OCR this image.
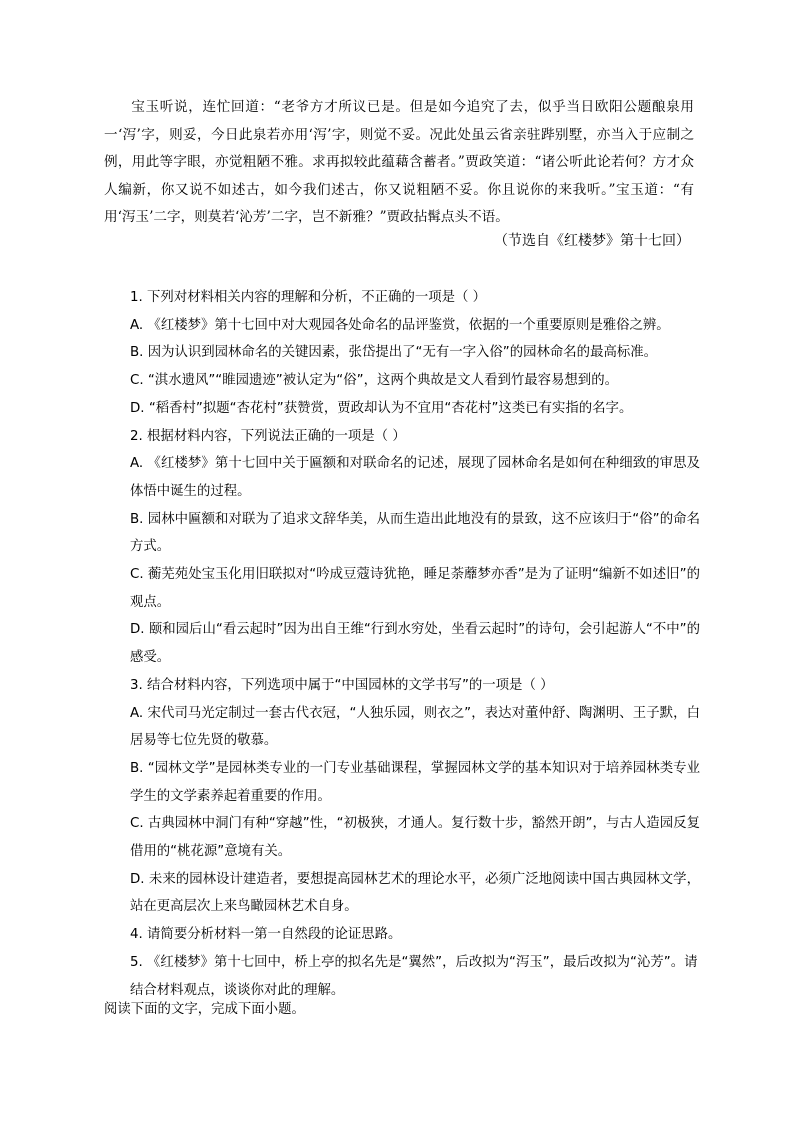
宝玉听说，连忙回道：“老爷方才所议已是。但是如今追究了去，似乎当日欧阳公题酿泉用一‘泻’字，则妥，今日此泉若亦用‘泻’字，则觉不妥。况此处虽云省亲驻跸别墅，亦当入于应制之例，用此等字眼，亦觉粗陋不雅。求再拟较此蕴藉含蓄者。”贾政笑道：“诸公听此论若何？方才众人编新，你又说不如述古，如今我们述古，你又说粗陋不妥。你且说你的来我听。”宝玉道：“有用‘泻玉’二字，则莫若‘沁芳’二字，岂不新雅？”贾政拈髯点头不语。

（节选自《红楼梦》第十七回）
1. 下列对材料相关内容的理解和分析，不正确的一项是（ ）
A. 《红楼梦》第十七回中对大观园各处命名的品评鉴赏，依据的一个重要原则是雅俗之辨。
B. 因为认识到园林命名的关键因素，张岱提出了“无有一字入俗”的园林命名的最高标准。
C. “淇水遗风”“睢园遗迹”被认定为“俗”，这两个典故是文人看到竹最容易想到的。
D. “稻香村”拟题“杏花村”获赞赏，贾政却认为不宜用“杏花村”这类已有实指的名字。
2. 根据材料内容，下列说法正确的一项是（ ）
A. 《红楼梦》第十七回中关于匾额和对联命名的记述，展现了园林命名是如何在种细致的审思及体悟中诞生的过程。
B. 园林中匾额和对联为了追求文辞华美，从而生造出此地没有的景致，这不应该归于“俗”的命名方式。
C. 蘅芜苑处宝玉化用旧联拟对“吟成豆蔻诗犹艳，睡足荼蘼梦亦香”是为了证明“编新不如述旧”的观点。
D. 颐和园后山“看云起时”因为出自王维“行到水穷处，坐看云起时”的诗句，会引起游人“不中”的感受。
3. 结合材料内容，下列选项中属于“中国园林的文学书写”的一项是（ ）
A. 宋代司马光定制过一套古代衣冠，“人独乐园，则衣之”，表达对董仲舒、陶渊明、王子默，白居易等七位先贤的敬慕。
B. “园林文学”是园林类专业的一门专业基础课程，掌握园林文学的基本知识对于培养园林类专业学生的文学素养起着重要的作用。
C. 古典园林中洞门有种“穿越”性，“初极狭，才通人。复行数十步，豁然开朗”，与古人造园反复借用的“桃花源”意境有关。
D. 未来的园林设计建造者，要想提高园林艺术的理论水平，必须广泛地阅读中国古典园林文学，站在更高层次上来鸟瞰园林艺术自身。
4. 请简要分析材料一第一自然段的论证思路。
5. 《红楼梦》第十七回中，桥上亭的拟名先是“翼然”，后改拟为“泻玉”，最后改拟为“沁芳”。请结合材料观点，谈谈你对此的理解。
阅读下面的文字，完成下面小题。
